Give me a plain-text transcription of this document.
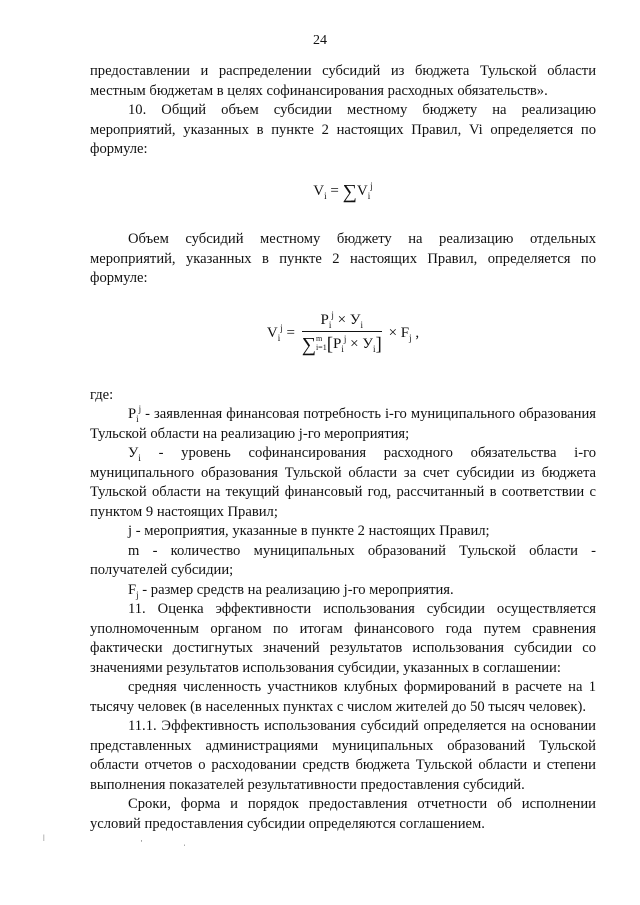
24

предоставлении и распределении субсидий из бюджета Тульской области местным бюджетам в целях софинансирования расходных обязательств».

10. Общий объем субсидии местному бюджету на реализацию мероприятий, указанных в пункте 2 настоящих Правил, Vi определяется по формуле:

$V_i = \sum V_i^j$

Объем субсидий местному бюджету на реализацию отдельных мероприятий, указанных в пункте 2 настоящих Правил, определяется по формуле:

$V_i^j$ =
$P_i^j \times У_i$
∑m
$i=1[P_i^j \times У_i]$
× $F_j$ ,

где:

$P_i^j$ - заявленная финансовая потребность i-го муниципального образования Тульской области на реализацию j-го мероприятия;

$У_i$ - уровень софинансирования расходного обязательства i-го муниципального образования Тульской области за счет субсидии из бюджета Тульской области на текущий финансовый год, рассчитанный в соответствии с пунктом 9 настоящих Правил;

j - мероприятия, указанные в пункте 2 настоящих Правил;

m - количество муниципальных образований Тульской области - получателей субсидии;

$F_j$ - размер средств на реализацию j-го мероприятия.

11. Оценка эффективности использования субсидии осуществляется уполномоченным органом по итогам финансового года путем сравнения фактически достигнутых значений результатов использования субсидии со значениями результатов использования субсидии, указанных в соглашении:

средняя численность участников клубных формирований в расчете на 1 тысячу человек (в населенных пунктах с числом жителей до 50 тысяч человек).

11.1. Эффективность использования субсидий определяется на основании представленных администрациями муниципальных образований Тульской области отчетов о расходовании средств бюджета Тульской области и степени выполнения показателей результативности предоставления субсидий.

Сроки, форма и порядок предоставления отчетности об исполнении условий предоставления субсидии определяются соглашением.

ǀ	·	ˌ
